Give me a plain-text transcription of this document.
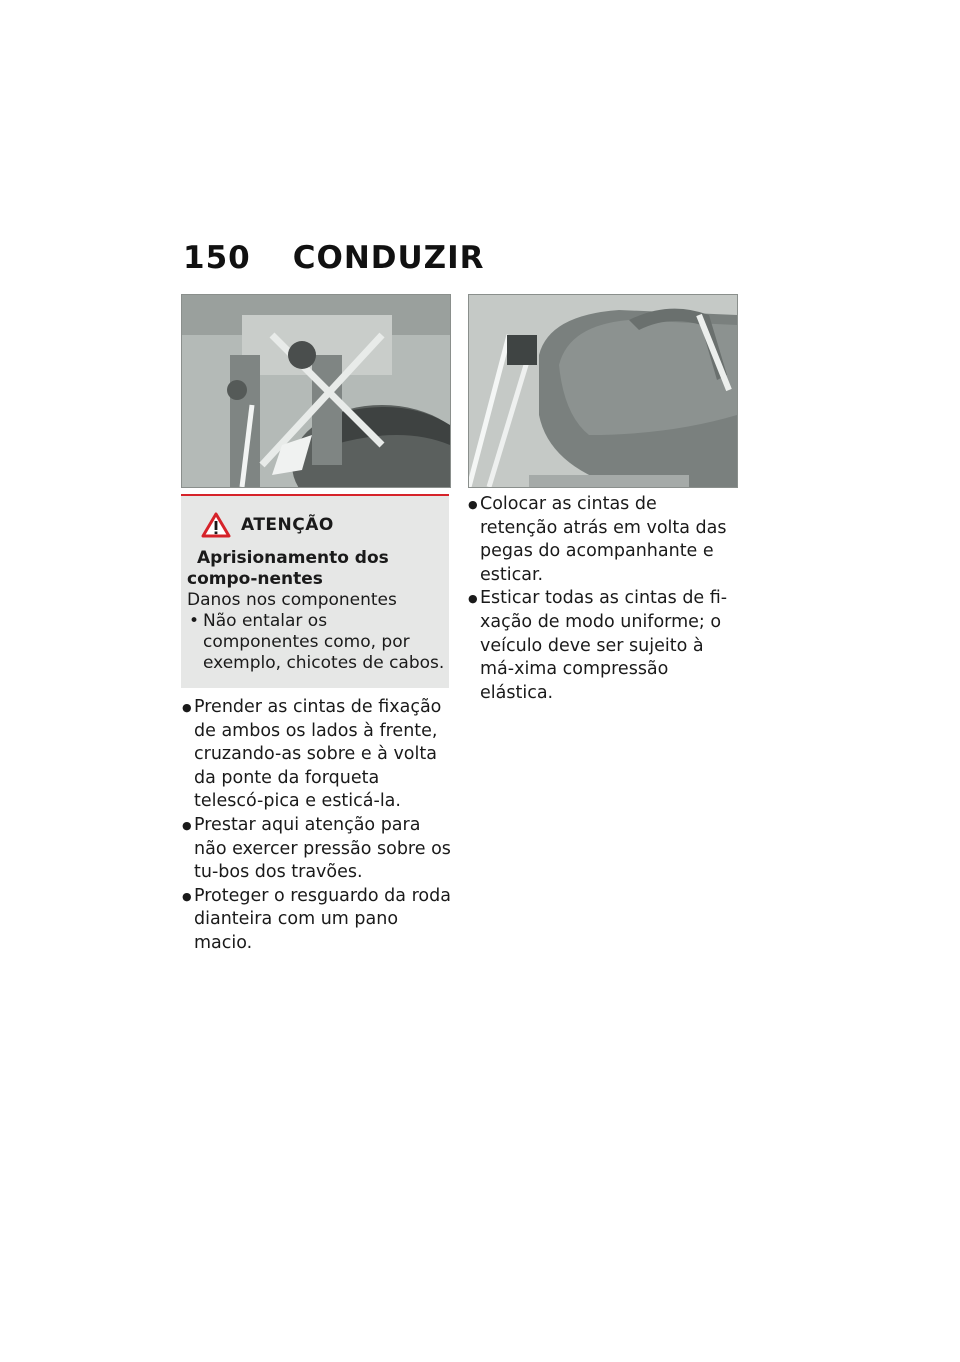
150 CONDUZIR
ATENÇÃO
Aprisionamento dos compo-nentes
Danos nos componentes
• Não entalar os componentes como, por exemplo, chicotes de cabos.
● Prender as cintas de fixação de ambos os lados à frente, cruzando-as sobre e à volta da ponte da forqueta telescó-pica e esticá-la.
● Prestar aqui atenção para não exercer pressão sobre os tu-bos dos travões.
● Proteger o resguardo da roda dianteira com um pano macio.
● Colocar as cintas de retenção atrás em volta das pegas do acompanhante e esticar.
● Esticar todas as cintas de fi-xação de modo uniforme; o veículo deve ser sujeito à má-xima compressão elástica.
